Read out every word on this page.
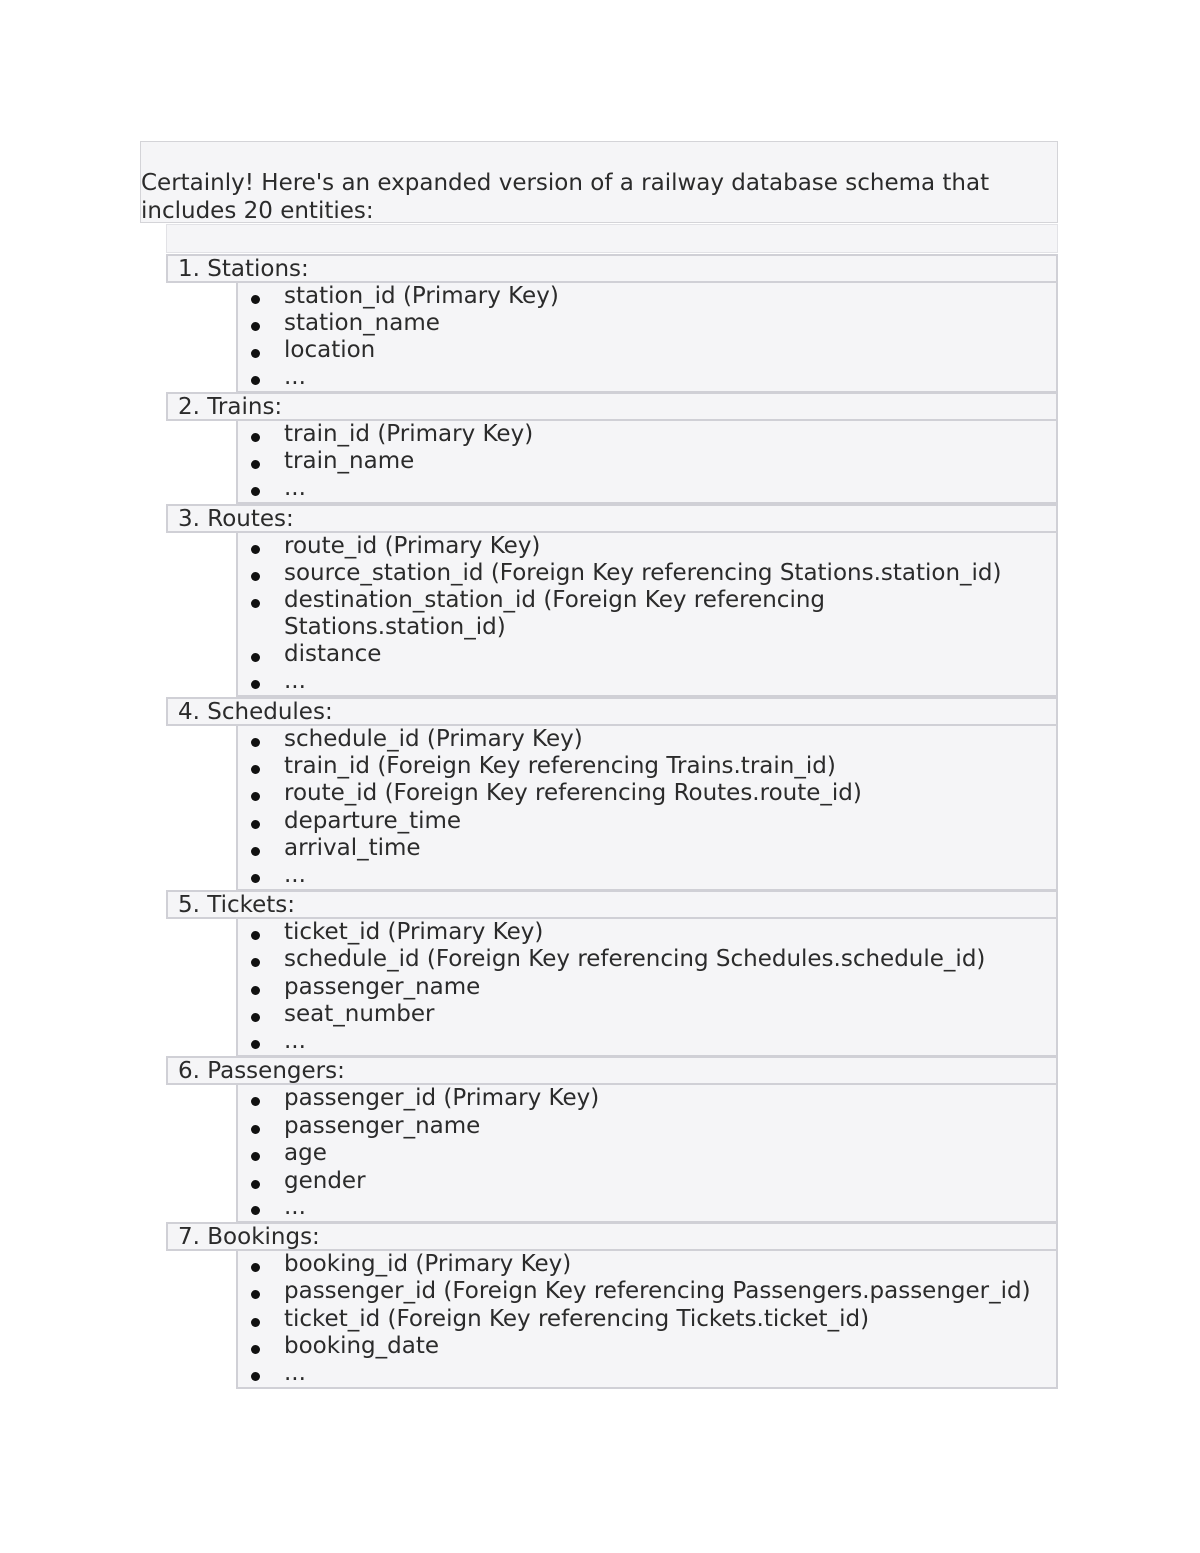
Certainly! Here's an expanded version of a railway database schema that
includes 20 entities:

1. Stations:
station_id (Primary Key)
station_name
location
...
2. Trains:
train_id (Primary Key)
train_name
...
3. Routes:
route_id (Primary Key)
source_station_id (Foreign Key referencing Stations.station_id)
destination_station_id (Foreign Key referencing
Stations.station_id)
distance
...
4. Schedules:
schedule_id (Primary Key)
train_id (Foreign Key referencing Trains.train_id)
route_id (Foreign Key referencing Routes.route_id)
departure_time
arrival_time
...
5. Tickets:
ticket_id (Primary Key)
schedule_id (Foreign Key referencing Schedules.schedule_id)
passenger_name
seat_number
...
6. Passengers:
passenger_id (Primary Key)
passenger_name
age
gender
...
7. Bookings:
booking_id (Primary Key)
passenger_id (Foreign Key referencing Passengers.passenger_id)
ticket_id (Foreign Key referencing Tickets.ticket_id)
booking_date
...
